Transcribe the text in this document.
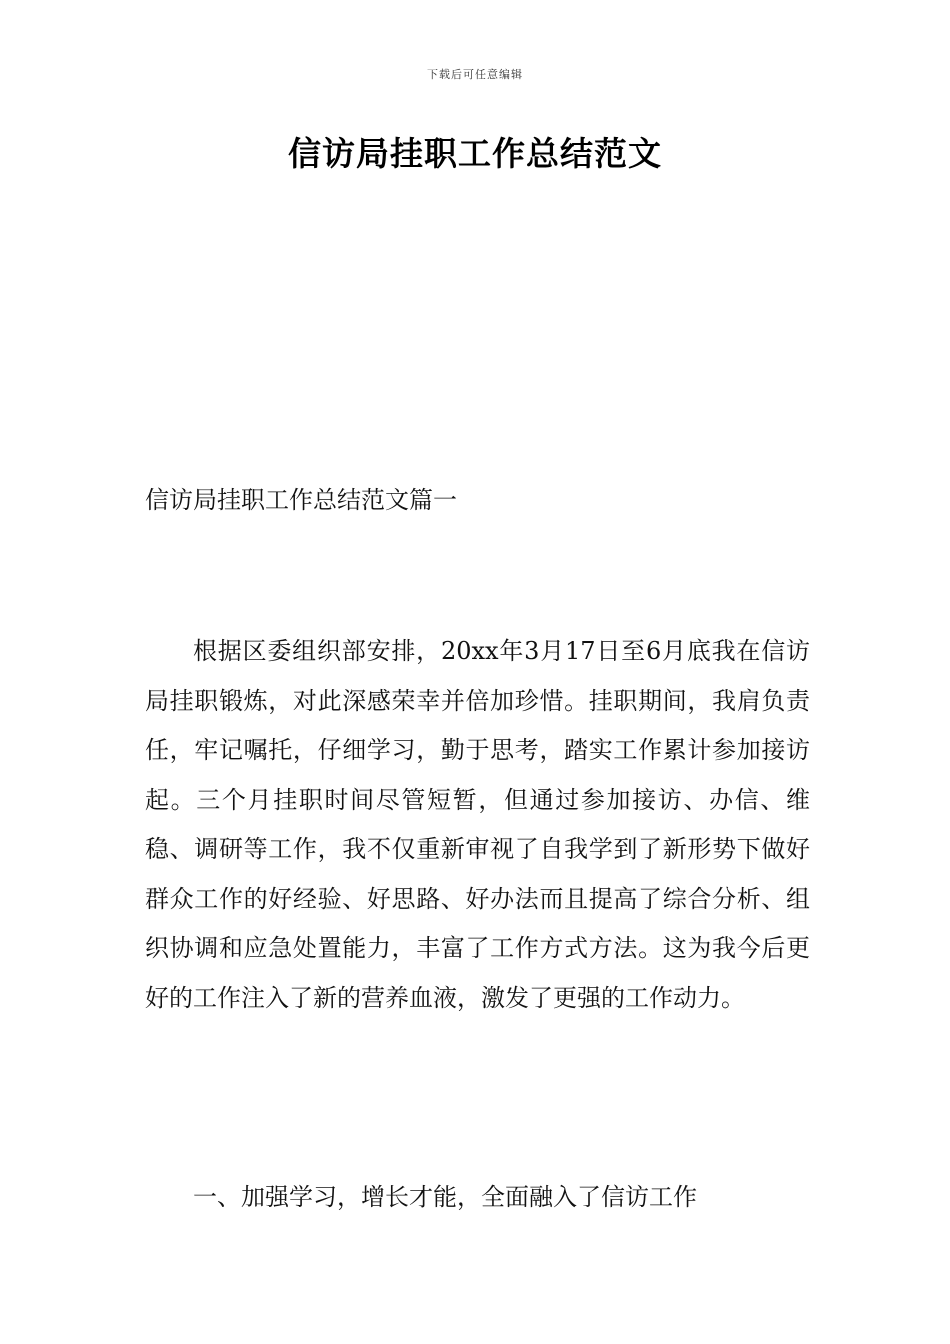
下载后可任意编辑
信访局挂职工作总结范文
信访局挂职工作总结范文篇一

根据区委组织部安排，20xx年3月17日至6月底我在信访局挂职锻炼，对此深感荣幸并倍加珍惜。挂职期间，我肩负责任，牢记嘱托，仔细学习，勤于思考，踏实工作累计参加接访起。三个月挂职时间尽管短暂，但通过参加接访、办信、维稳、调研等工作，我不仅重新审视了自我学到了新形势下做好群众工作的好经验、好思路、好办法而且提高了综合分析、组织协调和应急处置能力，丰富了工作方式方法。这为我今后更好的工作注入了新的营养血液，激发了更强的工作动力。

一、加强学习，增长才能，全面融入了信访工作
